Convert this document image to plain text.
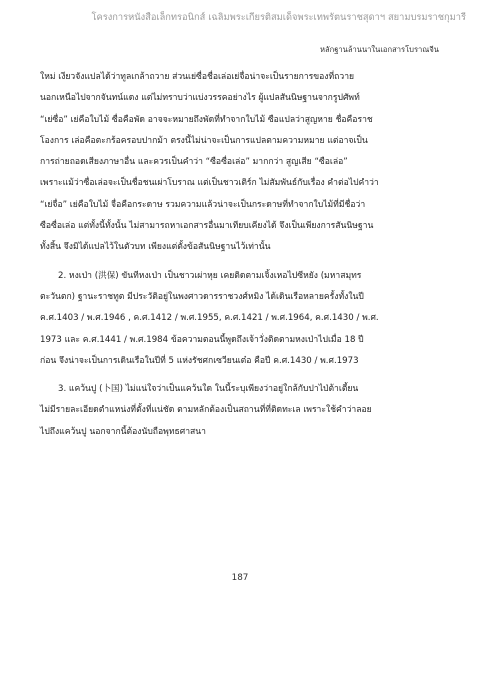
โครงการหนังสือเล็กทรอนิกส์ เฉลิมพระเกียรติสมเด็จพระเทพรัตนราชสุดาฯ สยามบรมราชกุมารี
หลักฐานล้านนาในเอกสารโบราณจีน
ใหม่ เงียวจังแปลได้ว่าทูลเกล้าถวาย ส่วนเย่ซื่อชื่อเล่อเย่จื่อน่าจะเป็นรายการของที่ถวาย
นอกเหนือไปจากจันทน์แดง แต่ไม่ทราบว่าแบ่งวรรคอย่างไร ผู้แปลสันนิษฐานจากรูปศัพท์
“เย่ซื่อ” เย่คือใบไม้ ซื่อคือพัด อาจจะหมายถึงพัดที่ทำจากใบไม้ ซือแปลว่าสูญหาย ชื่อคือราช
โองการ เล่อคือตะกร้อครอบปากม้า ตรงนี้ไม่น่าจะเป็นการแปลตามความหมาย แต่อาจเป็น
การถ่ายถอดเสียงภาษาอื่น และควรเป็นคำว่า “ซือซื่อเล่อ” มากกว่า สูญเสีย “ซือเล่อ”
เพราะแม้ว่าซื่อเล่อจะเป็นชื่อชนเผ่าโบราณ แต่เป็นชาวเติร์ก ไม่สัมพันธ์กับเรื่อง คำต่อไปคำว่า
“เย่จื่อ” เย่คือใบไม้ จื่อคือกระดาษ รวมความแล้วน่าจะเป็นกระดาษที่ทำจากใบไม้ที่มีชื่อว่า
ซือซื่อเล่อ แต่ทั้งนี้ทั้งนั้น ไม่สามารถหาเอกสารอื่นมาเทียบเคียงได้ จึงเป็นเพียงการสันนิษฐาน
ทั้งสิ้น จึงมิได้แปลไว้ในตัวบท เพียงแต่ตั้งข้อสันนิษฐานไว้เท่านั้น
2. หงเป่า (洪保) ขันทีหงเป่า เป็นชาวเผ่าหุย เคยติดตามเจิ้งเหอไปซีหยัง (มหาสมุทร
ตะวันตก) ฐานะราชทูต มีประวัติอยู่ในพงศาวดารราชวงศ์หมิง ได้เดินเรือหลายครั้งทั้งในปี
ค.ศ.1403 / พ.ศ.1946 , ค.ศ.1412 / พ.ศ.1955, ค.ศ.1421 / พ.ศ.1964, ค.ศ.1430 / พ.ศ.
1973 และ ค.ศ.1441 / พ.ศ.1984 ข้อความตอนนี้พูดถึงเจ้าวั่งติดตามหงเป่าไปเมื่อ 18 ปี
ก่อน จึงน่าจะเป็นการเดินเรือในปีที่ 5 แห่งรัชศกเซวียนเต๋อ คือปี ค.ศ.1430 / พ.ศ.1973
3. แคว้นปู (卜国) ไม่แน่ใจว่าเป็นแคว้นใด ในนี้ระบุเพียงว่าอยู่ใกล้กับปาไป่ต้าเตี้ยน
ไม่มีรายละเอียดตำแหน่งที่ตั้งที่แน่ชัด ตามหลักต้องเป็นสถานที่ที่ติดทะเล เพราะใช้คำว่าลอย
ไปถึงแคว้นปู นอกจากนี้ต้องนับถือพุทธศาสนา
187
